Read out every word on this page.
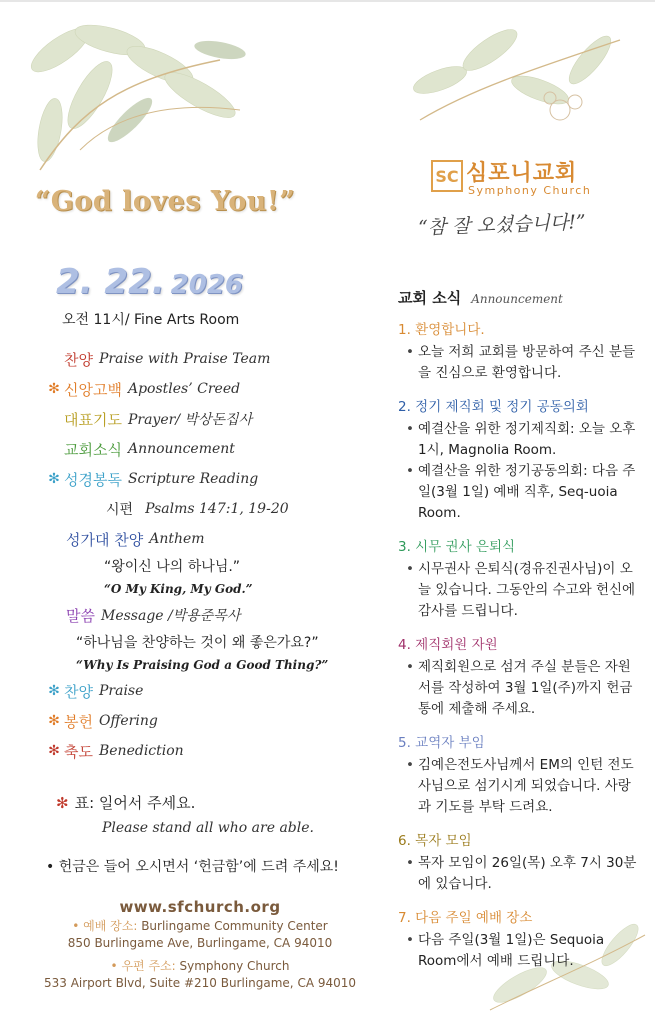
“God loves You!”
2. 22. 2026
오전 11시/ Fine Arts Room
찬양 Praise with Praise Team
✻ 신앙고백 Apostles’ Creed
대표기도 Prayer/ 박상돈집사
교회소식 Announcement
✻ 성경봉독 Scripture Reading
시편 Psalms 147:1, 19-20
성가대 찬양 Anthem
“왕이신 나의 하나님.”
“O My King, My God.”
말씀 Message /박용준목사
“하나님을 찬양하는 것이 왜 좋은가요?”
“Why Is Praising God a Good Thing?”
✻ 찬양 Praise
✻ 봉헌 Offering
✻ 축도 Benediction
✻ 표: 일어서 주세요.
Please stand all who are able.
• 헌금은 들어 오시면서 ‘헌금함’에 드려 주세요!
www.sfchurch.org
• 예배 장소: Burlingame Community Center
850 Burlingame Ave, Burlingame, CA 94010
• 우편 주소: Symphony Church
533 Airport Blvd, Suite #210 Burlingame, CA 94010
SC 심포니교회
Symphony Church
“참 잘 오셨습니다!”
교회 소식 Announcement
1. 환영합니다.
• 오늘 저희 교회를 방문하여 주신 분들을 진심으로 환영합니다.
2. 정기 제직회 및 정기 공동의회
• 예결산을 위한 정기제직회: 오늘 오후 1시, Magnolia Room.
• 예결산을 위한 정기공동의회: 다음 주일(3월 1일) 예배 직후, Seq-uoia Room.
3. 시무 권사 은퇴식
• 시무권사 은퇴식(경유진권사님)이 오늘 있습니다. 그동안의 수고와 헌신에 감사를 드립니다.
4. 제직회원 자원
• 제직회원으로 섬겨 주실 분들은 자원서를 작성하여 3월 1일(주)까지 헌금통에 제출해 주세요.
5. 교역자 부임
• 김예은전도사님께서 EM의 인턴 전도사님으로 섬기시게 되었습니다. 사랑과 기도를 부탁 드려요.
6. 목자 모임
• 목자 모임이 26일(목) 오후 7시 30분에 있습니다.
7. 다음 주일 예배 장소
• 다음 주일(3월 1일)은 Sequoia Room에서 예배 드립니다.
